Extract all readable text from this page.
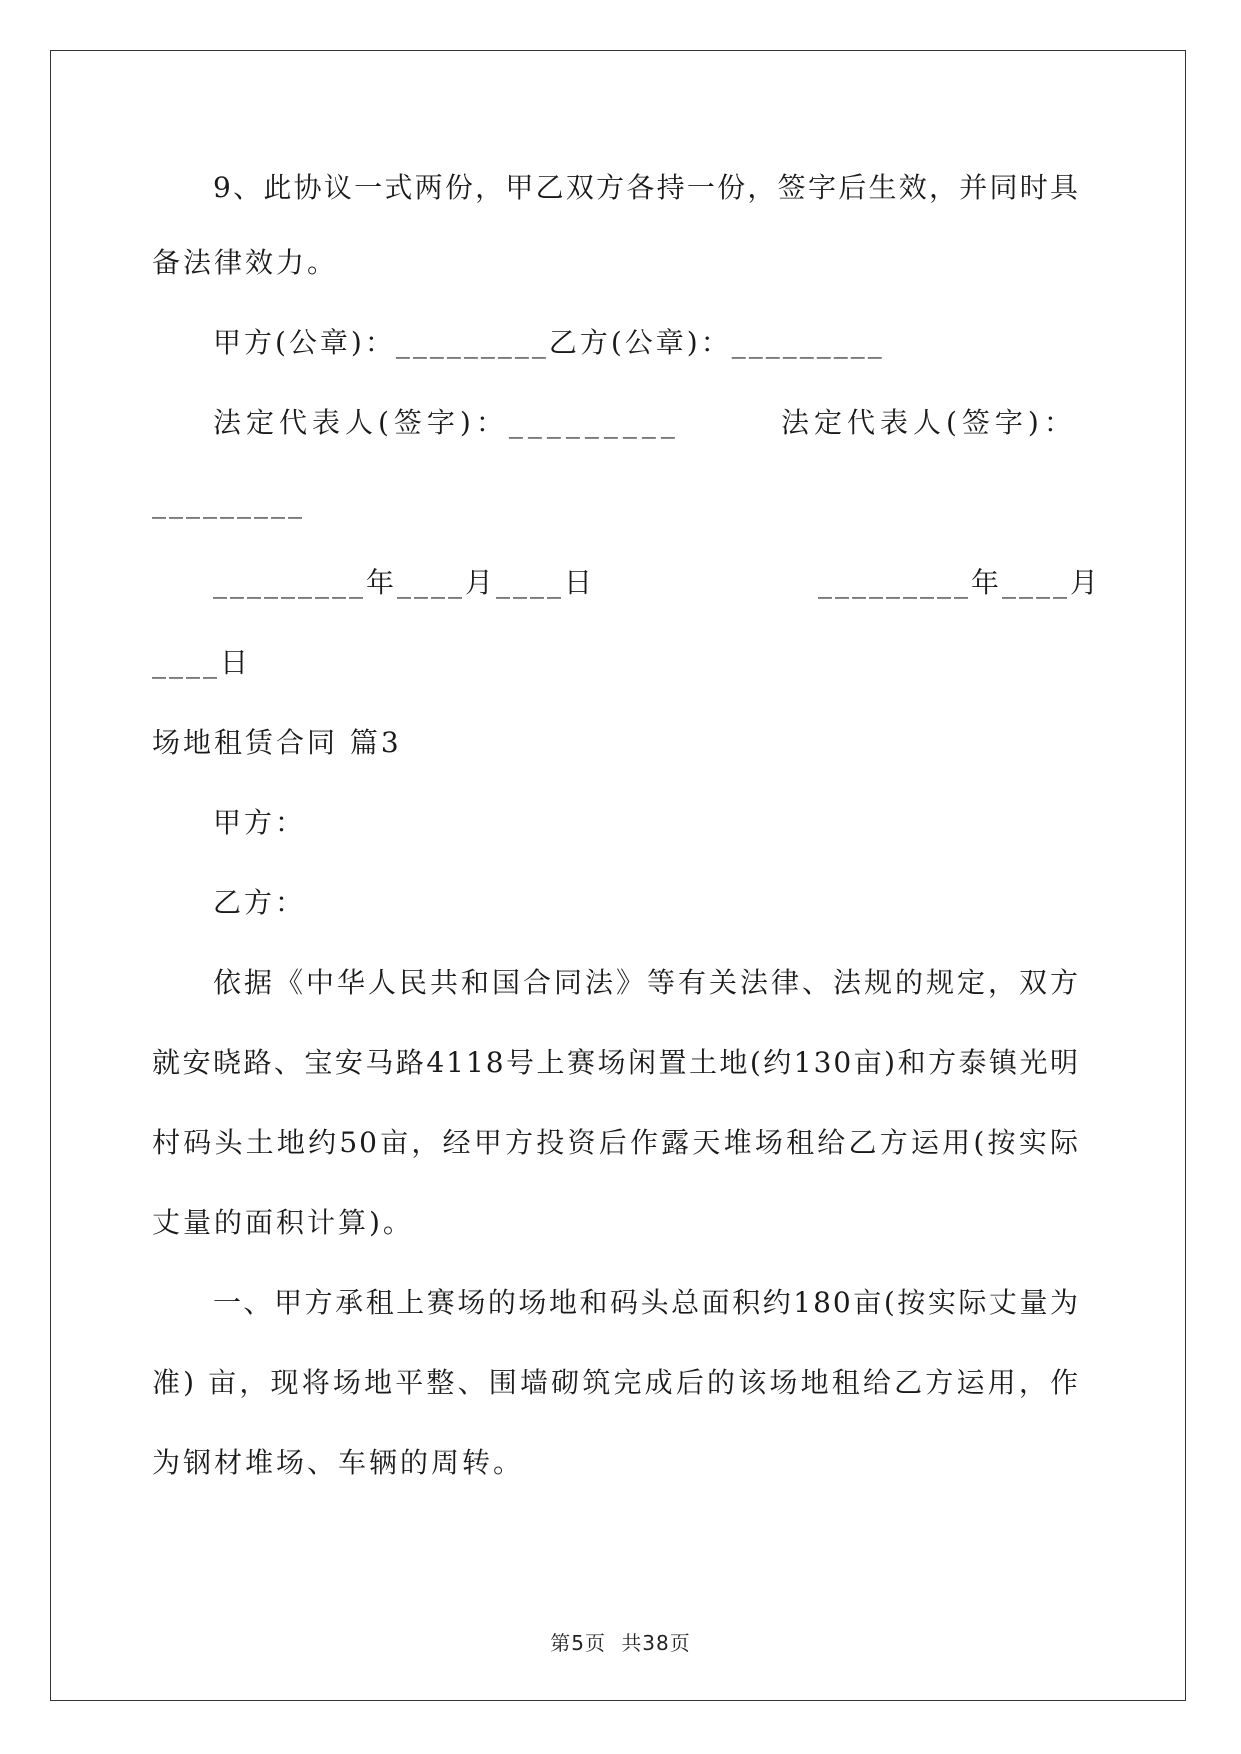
9、此协议一式两份，甲乙双方各持一份，签字后生效，并同时具
备法律效力。
甲方(公章)：_________乙方(公章)：_________
法定代表人(签字)：_________	法定代表人(签字)：
_________
_________年____月____日	_________年____月
____日
场地租赁合同 篇3
甲方：
乙方：
依据《中华人民共和国合同法》等有关法律、法规的规定，双方
就安晓路、宝安马路4118号上赛场闲置土地(约130亩)和方泰镇光明
村码头土地约50亩，经甲方投资后作露天堆场租给乙方运用(按实际
丈量的面积计算)。
一、甲方承租上赛场的场地和码头总面积约180亩(按实际丈量为
准) 亩，现将场地平整、围墙砌筑完成后的该场地租给乙方运用，作
为钢材堆场、车辆的周转。
第5页 共38页
